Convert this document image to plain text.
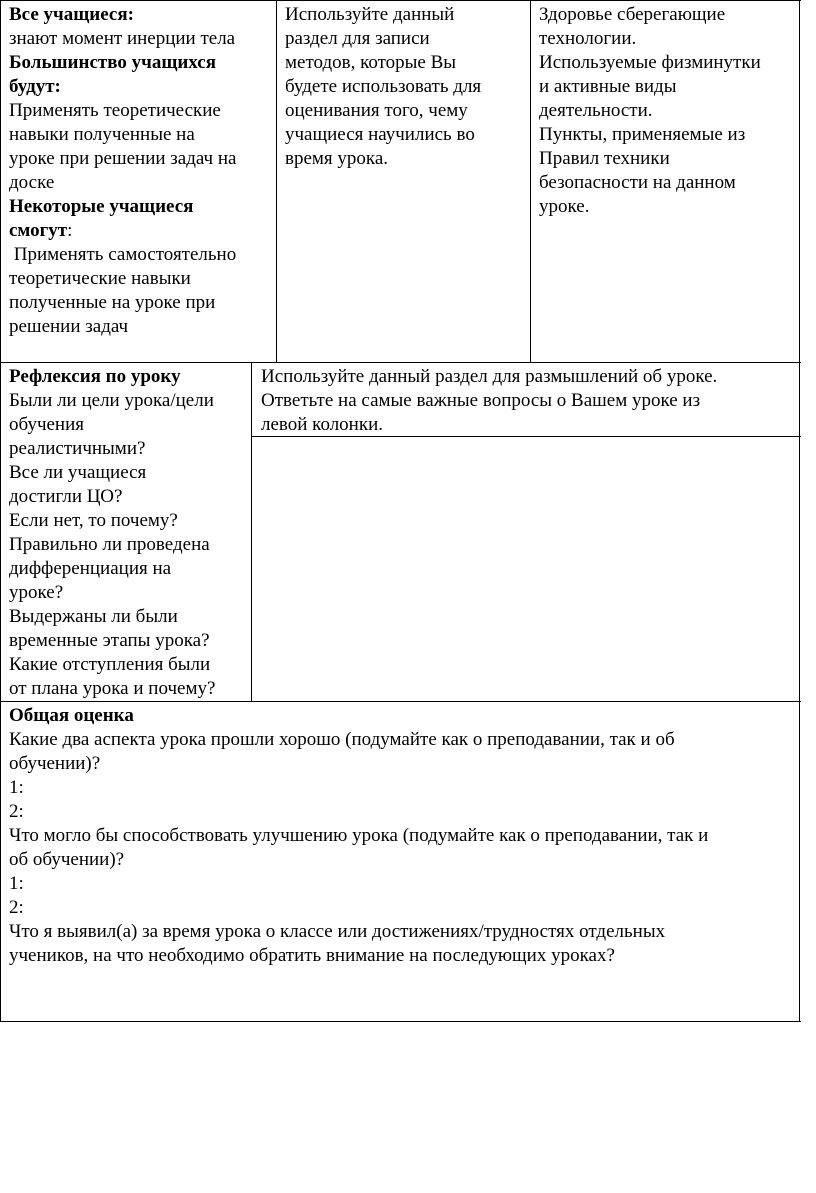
Все учащиеся:
знают момент инерции тела
Большинство учащихся
будут:
Применять теоретические
навыки полученные на
уроке при решении задач на
доске
Некоторые учащиеся
смогут:
Применять самостоятельно
теоретические навыки
полученные на уроке при
решении задач
Используйте данный
раздел для записи
методов, которые Вы
будете использовать для
оценивания того, чему
учащиеся научились во
время урока.
Здоровье сберегающие
технологии.
Используемые физминутки
и активные виды
деятельности.
Пункты, применяемые из
Правил техники
безопасности на данном
уроке.
Рефлексия по уроку
Были ли цели урока/цели
обучения
реалистичными?
Все ли учащиеся
достигли ЦО?
Если нет, то почему?
Правильно ли проведена
дифференциация на
уроке?
Выдержаны ли были
временные этапы урока?
Какие отступления были
от плана урока и почему?
Используйте данный раздел для размышлений об уроке.
Ответьте на самые важные вопросы о Вашем уроке из
левой колонки.
Общая оценка
Какие два аспекта урока прошли хорошо (подумайте как о преподавании, так и об
обучении)?
1:
2:
Что могло бы способствовать улучшению урока (подумайте как о преподавании, так и
об обучении)?
1:
2:
Что я выявил(а) за время урока о классе или достижениях/трудностях отдельных
учеников, на что необходимо обратить внимание на последующих уроках?
